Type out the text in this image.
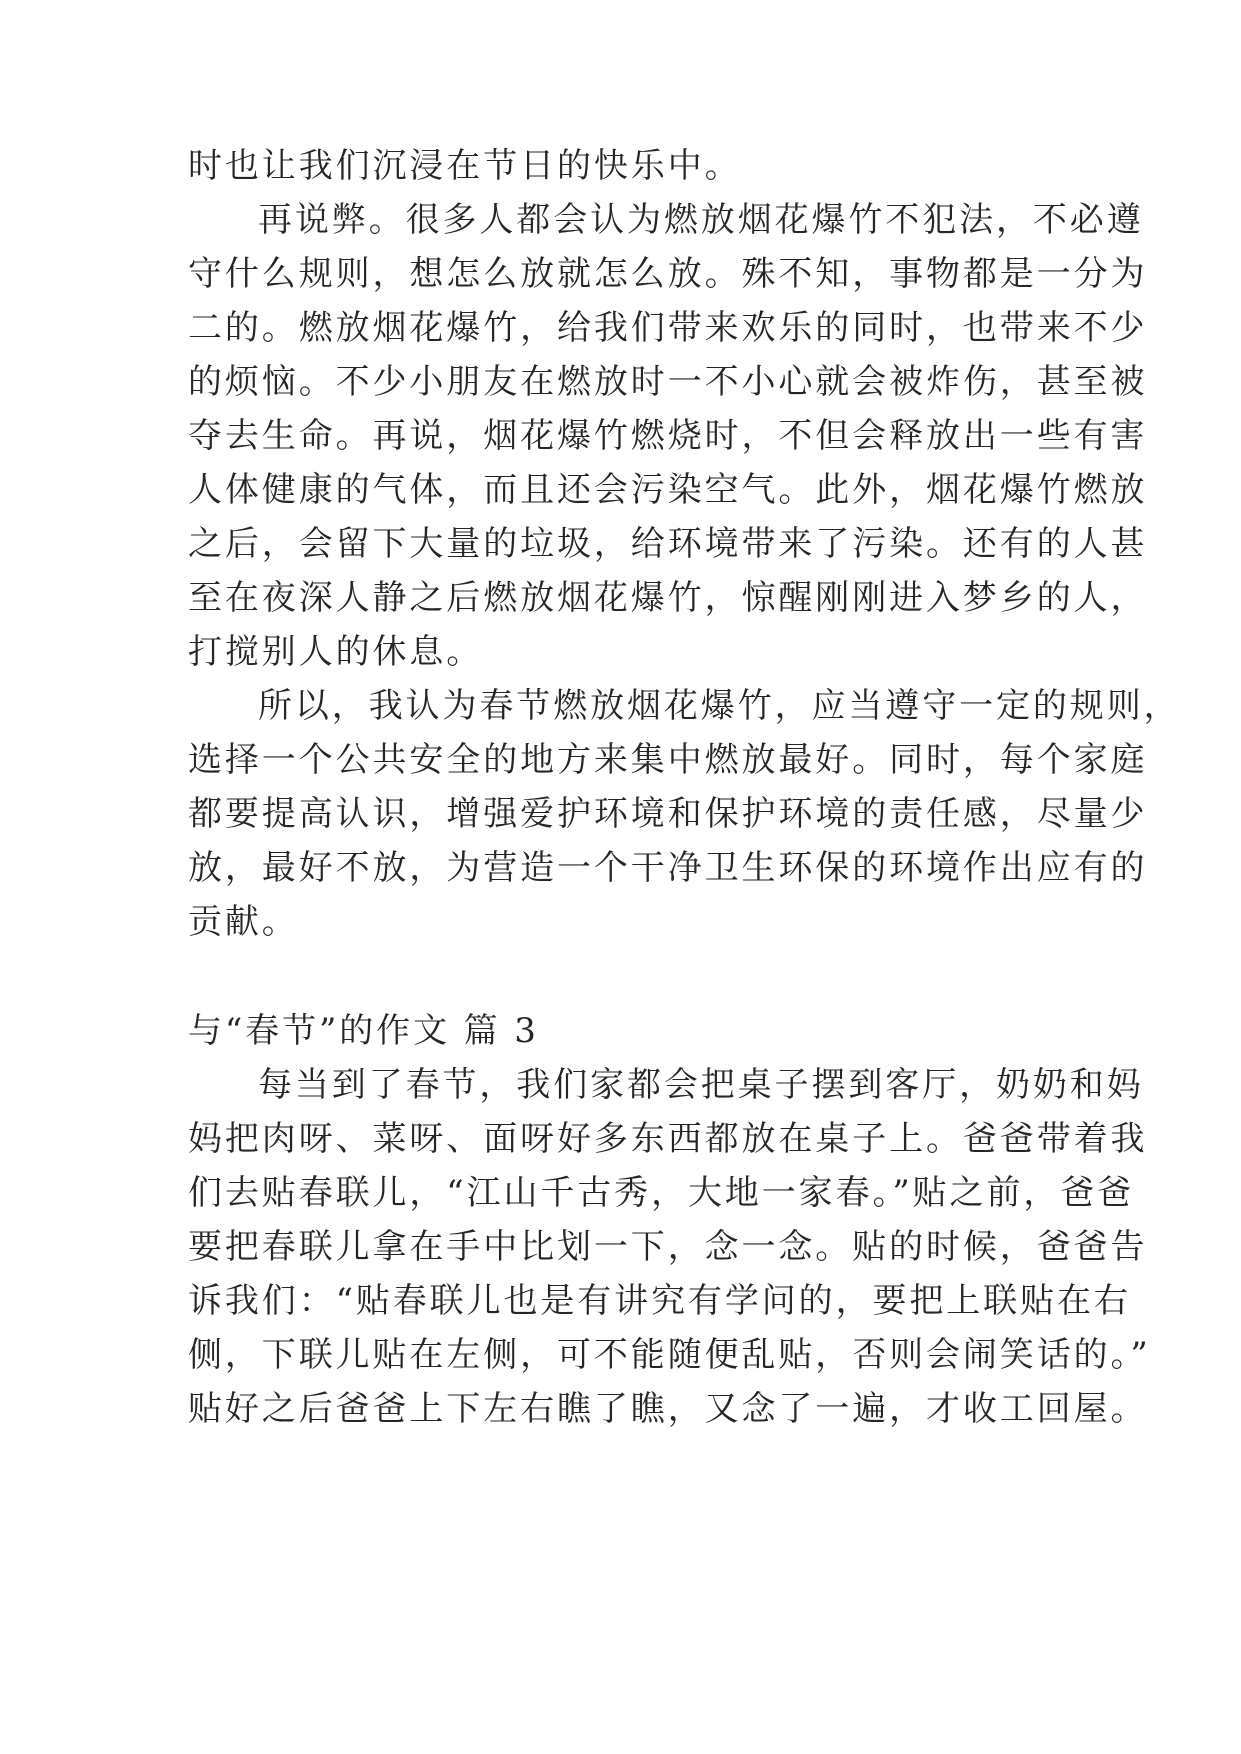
时也让我们沉浸在节日的快乐中。
再说弊。很多人都会认为燃放烟花爆竹不犯法，不必遵
守什么规则，想怎么放就怎么放。殊不知，事物都是一分为
二的。燃放烟花爆竹，给我们带来欢乐的同时，也带来不少
的烦恼。不少小朋友在燃放时一不小心就会被炸伤，甚至被
夺去生命。再说，烟花爆竹燃烧时，不但会释放出一些有害
人体健康的气体，而且还会污染空气。此外，烟花爆竹燃放
之后，会留下大量的垃圾，给环境带来了污染。还有的人甚
至在夜深人静之后燃放烟花爆竹，惊醒刚刚进入梦乡的人，
打搅别人的休息。
所以，我认为春节燃放烟花爆竹，应当遵守一定的规则，
选择一个公共安全的地方来集中燃放最好。同时，每个家庭
都要提高认识，增强爱护环境和保护环境的责任感，尽量少
放，最好不放，为营造一个干净卫生环保的环境作出应有的
贡献。
与“春节”的作文 篇 3
每当到了春节，我们家都会把桌子摆到客厅，奶奶和妈
妈把肉呀、菜呀、面呀好多东西都放在桌子上。爸爸带着我
们去贴春联儿，“江山千古秀，大地一家春。”贴之前，爸爸
要把春联儿拿在手中比划一下，念一念。贴的时候，爸爸告
诉我们：“贴春联儿也是有讲究有学问的，要把上联贴在右
侧，下联儿贴在左侧，可不能随便乱贴，否则会闹笑话的。”
贴好之后爸爸上下左右瞧了瞧，又念了一遍，才收工回屋。
